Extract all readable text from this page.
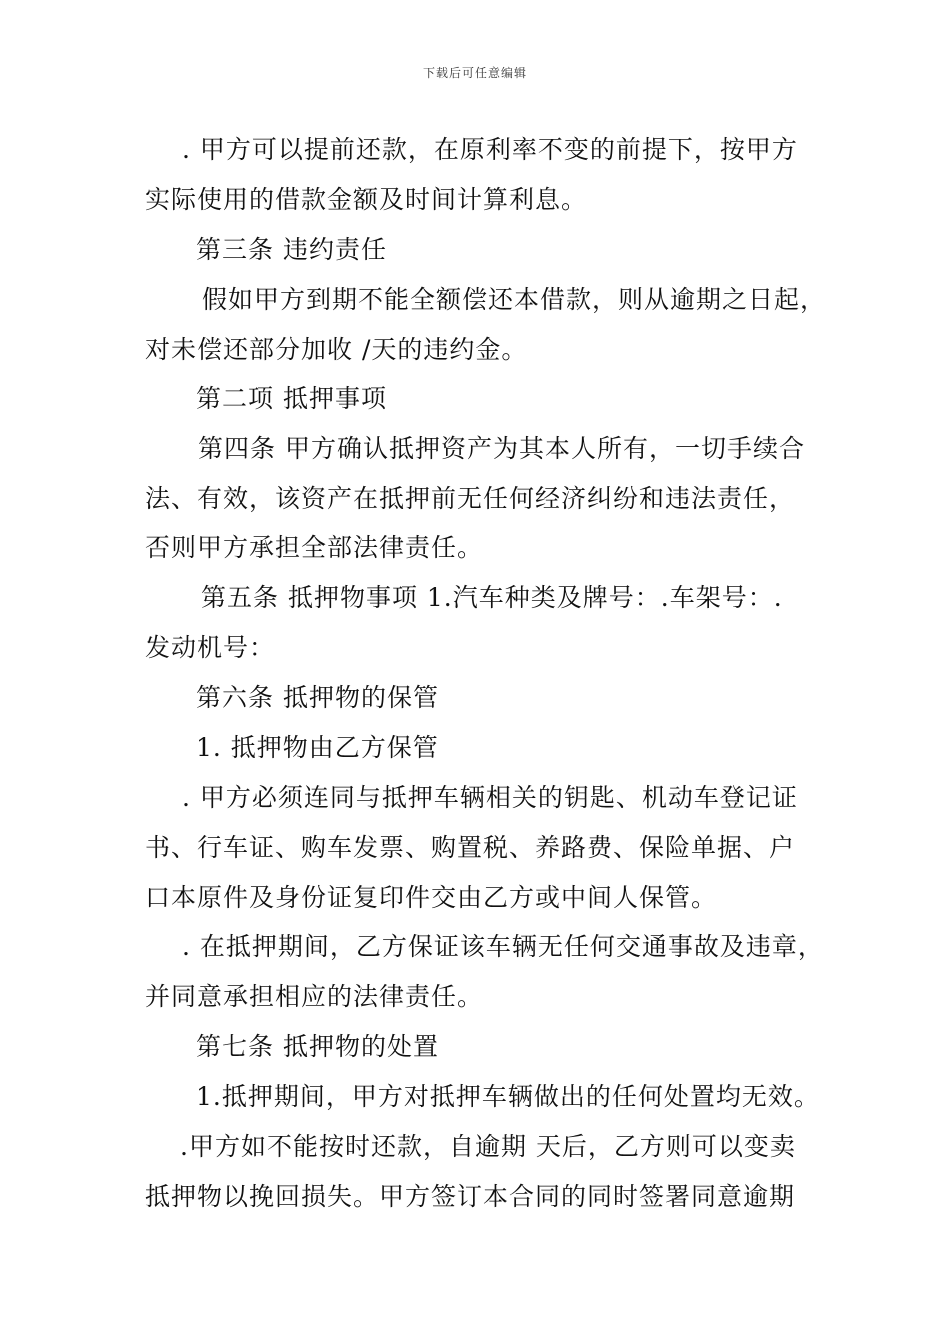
下载后可任意编辑
. 甲方可以提前还款，在原利率不变的前提下，按甲方
实际使用的借款金额及时间计算利息。
第三条 违约责任
假如甲方到期不能全额偿还本借款，则从逾期之日起，
对未偿还部分加收 /天的违约金。
第二项 抵押事项
第四条 甲方确认抵押资产为其本人所有，一切手续合
法、有效，该资产在抵押前无任何经济纠纷和违法责任，
否则甲方承担全部法律责任。
第五条 抵押物事项 1.汽车种类及牌号：.车架号：.
发动机号：
第六条 抵押物的保管
1. 抵押物由乙方保管
. 甲方必须连同与抵押车辆相关的钥匙、机动车登记证
书、行车证、购车发票、购置税、养路费、保险单据、户
口本原件及身份证复印件交由乙方或中间人保管。
. 在抵押期间，乙方保证该车辆无任何交通事故及违章，
并同意承担相应的法律责任。
第七条 抵押物的处置
1.抵押期间，甲方对抵押车辆做出的任何处置均无效。
.甲方如不能按时还款，自逾期 天后，乙方则可以变卖
抵押物以挽回损失。甲方签订本合同的同时签署同意逾期
